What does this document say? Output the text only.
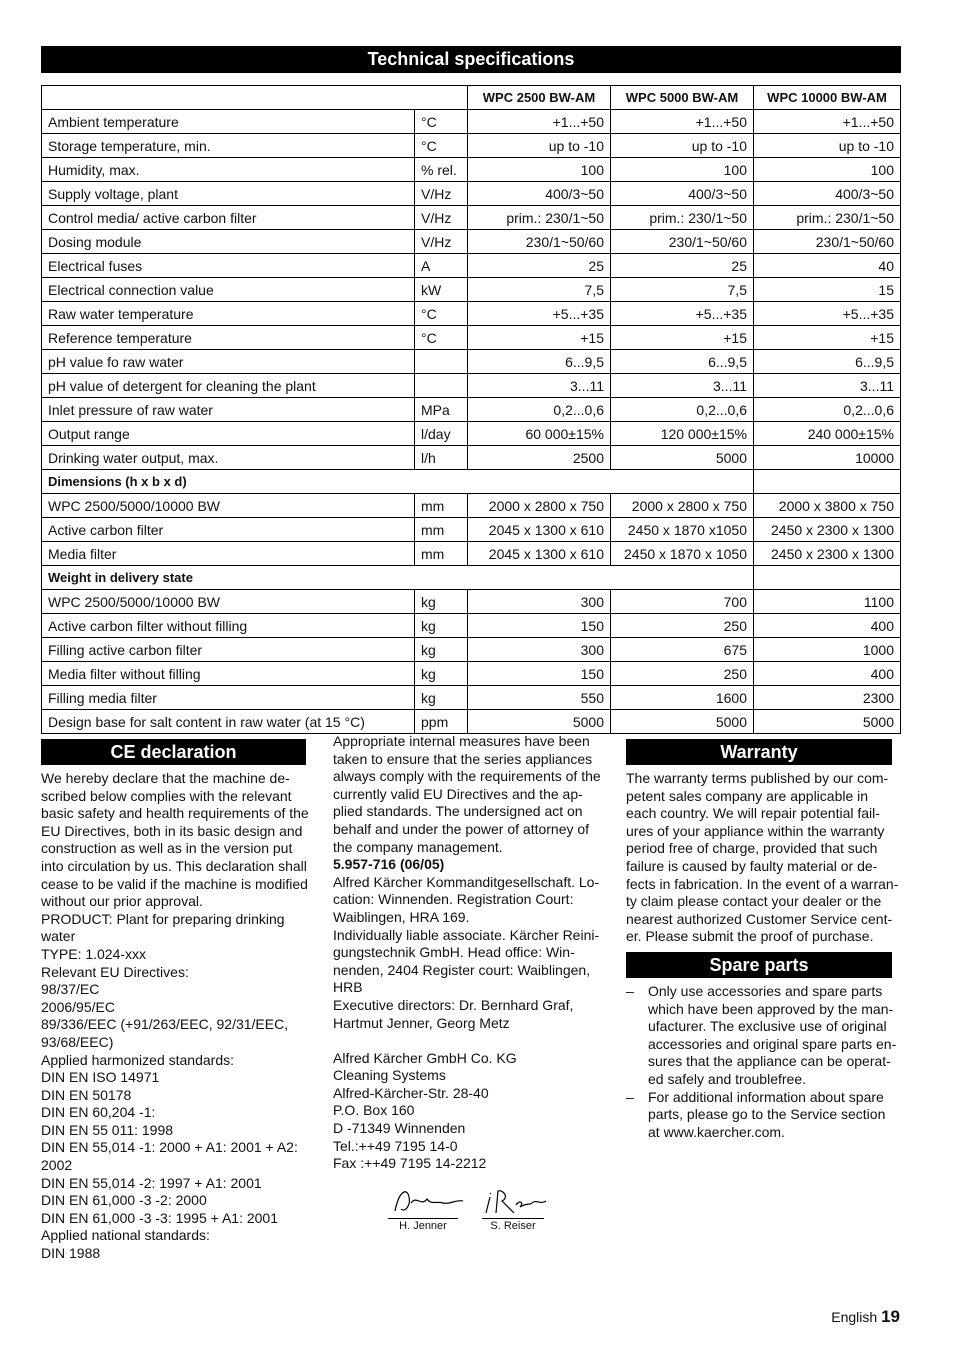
Technical specifications
		WPC 2500 BW-AM	WPC 5000 BW-AM	WPC 10000 BW-AM
Ambient temperature	°C	+1...+50	+1...+50	+1...+50
Storage temperature, min.	°C	up to -10	up to -10	up to -10
Humidity, max.	% rel.	100	100	100
Supply voltage, plant	V/Hz	400/3~50	400/3~50	400/3~50
Control media/ active carbon filter	V/Hz	prim.: 230/1~50	prim.: 230/1~50	prim.: 230/1~50
Dosing module	V/Hz	230/1~50/60	230/1~50/60	230/1~50/60
Electrical fuses	A	25	25	40
Electrical connection value	kW	7,5	7,5	15
Raw water temperature	°C	+5...+35	+5...+35	+5...+35
Reference temperature	°C	+15	+15	+15
pH value fo raw water		6...9,5	6...9,5	6...9,5
pH value of detergent for cleaning the plant		3...11	3...11	3...11
Inlet pressure of raw water	MPa	0,2...0,6	0,2...0,6	0,2...0,6
Output range	l/day	60 000±15%	120 000±15%	240 000±15%
Drinking water output, max.	l/h	2500	5000	10000
Dimensions (h x b x d)				
WPC 2500/5000/10000 BW	mm	2000 x 2800 x 750	2000 x 2800 x 750	2000 x 3800 x 750
Active carbon filter	mm	2045 x 1300 x 610	2450 x 1870 x1050	2450 x 2300 x 1300
Media filter	mm	2045 x 1300 x 610	2450 x 1870 x 1050	2450 x 2300 x 1300
Weight in delivery state				
WPC 2500/5000/10000 BW	kg	300	700	1100
Active carbon filter without filling	kg	150	250	400
Filling active carbon filter	kg	300	675	1000
Media filter without filling	kg	150	250	400
Filling media filter	kg	550	1600	2300
Design base for salt content in raw water (at 15 °C)	ppm	5000	5000	5000
CE declaration

We hereby declare that the machine de-

scribed below complies with the relevant

basic safety and health requirements of the

EU Directives, both in its basic design and

construction as well as in the version put

into circulation by us. This declaration shall

cease to be valid if the machine is modified

without our prior approval.

PRODUCT: Plant for preparing drinking

water

TYPE: 1.024-xxx

Relevant EU Directives:

98/37/EC

2006/95/EC

89/336/EEC (+91/263/EEC, 92/31/EEC,

93/68/EEC)

Applied harmonized standards:

DIN EN ISO 14971

DIN EN 50178

DIN EN 60,204 -1:

DIN EN 55 011: 1998

DIN EN 55,014 -1: 2000 + A1: 2001 + A2:

2002

DIN EN 55,014 -2: 1997 + A1: 2001

DIN EN 61,000 -3 -2: 2000

DIN EN 61,000 -3 -3: 1995 + A1: 2001

Applied national standards:

DIN 1988

Appropriate internal measures have been

taken to ensure that the series appliances

always comply with the requirements of the

currently valid EU Directives and the ap-

plied standards. The undersigned act on

behalf and under the power of attorney of

the company management.

5.957-716 (06/05)

Alfred Kärcher Kommanditgesellschaft. Lo-

cation: Winnenden. Registration Court:

Waiblingen, HRA 169.

Individually liable associate. Kärcher Reini-

gungstechnik GmbH. Head office: Win-

nenden, 2404 Register court: Waiblingen,

HRB

Executive directors: Dr. Bernhard Graf,

Hartmut Jenner, Georg Metz

Alfred Kärcher GmbH Co. KG

Cleaning Systems

Alfred-Kärcher-Str. 28-40

P.O. Box 160

D -71349 Winnenden

Tel.:++49 7195 14-0

Fax :++49 7195 14-2212

H. Jenner	S. Reiser
Warranty

The warranty terms published by our com-

petent sales company are applicable in

each country. We will repair potential fail-

ures of your appliance within the warranty

period free of charge, provided that such

failure is caused by faulty material or de-

fects in fabrication. In the event of a warran-

ty claim please contact your dealer or the

nearest authorized Customer Service cent-

er. Please submit the proof of purchase.

Spare parts
– Only use accessories and spare parts

which have been approved by the man-

ufacturer. The exclusive use of original

accessories and original spare parts en-

sures that the appliance can be operat-

ed safely and troublefree.

– For additional information about spare

parts, please go to the Service section

at www.kaercher.com.

English 19
